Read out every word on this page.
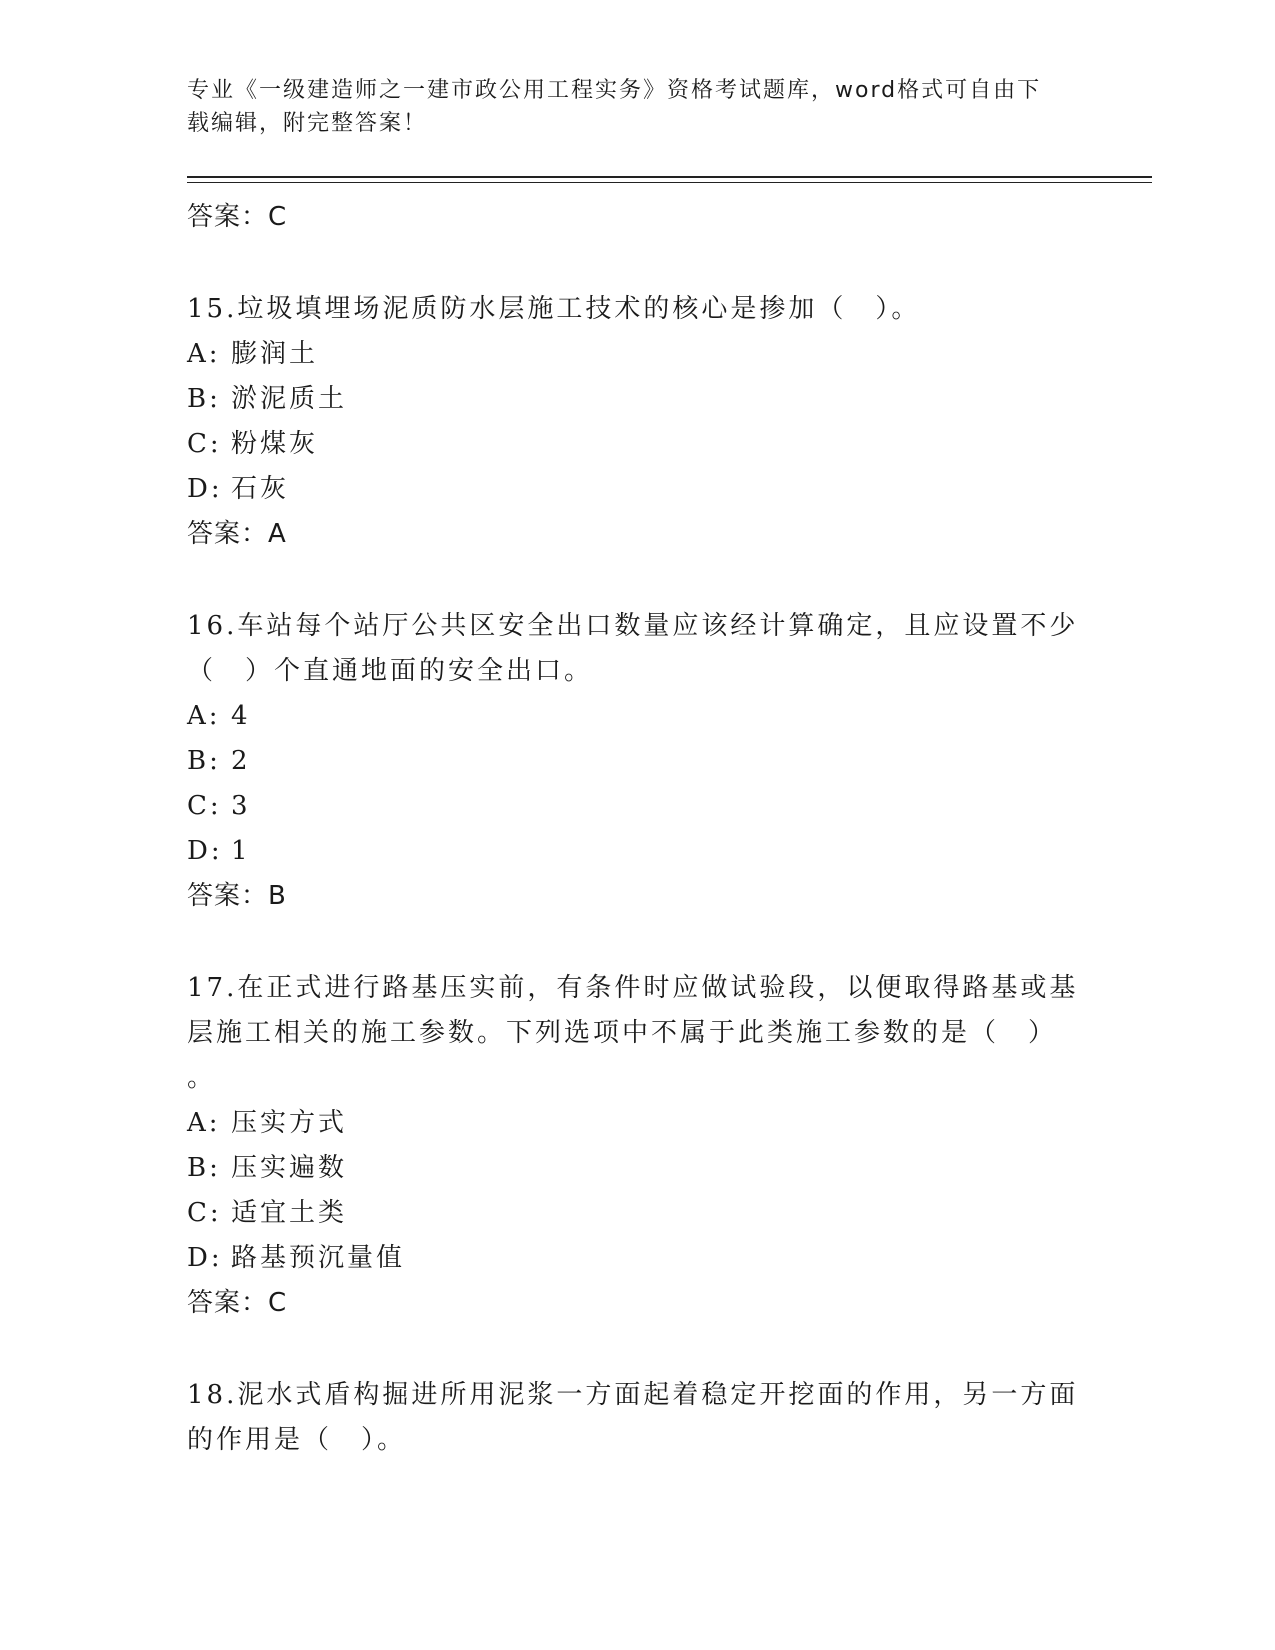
专业《一级建造师之一建市政公用工程实务》资格考试题库，word格式可自由下
载编辑，附完整答案！
答案：C
15.垃圾填埋场泥质防水层施工技术的核心是掺加（　）。
A: 膨润土
B: 淤泥质土
C: 粉煤灰
D: 石灰
答案：A
16.车站每个站厅公共区安全出口数量应该经计算确定，且应设置不少
（　）个直通地面的安全出口。
A: 4
B: 2
C: 3
D: 1
答案：B
17.在正式进行路基压实前，有条件时应做试验段，以便取得路基或基
层施工相关的施工参数。下列选项中不属于此类施工参数的是（　）
。
A: 压实方式
B: 压实遍数
C: 适宜土类
D: 路基预沉量值
答案：C
18.泥水式盾构掘进所用泥浆一方面起着稳定开挖面的作用，另一方面
的作用是（　）。
